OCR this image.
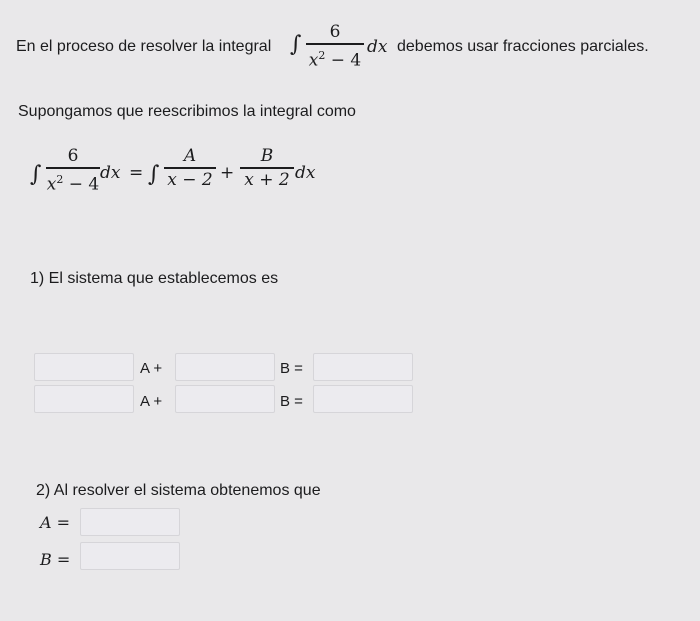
En el proceso de resolver la integral ∫ 6
$x^2 - 4$
dx debemos usar fracciones parciales.
Supongamos que reescribimos la integral como
∫
6
$x^2 - 4$
dx = ∫
A
x − 2 +
B
x + 2 dx
1) El sistema que establecemos es
A +	B =
A +	B =
2) Al resolver el sistema obtenemos que
A =
B =
